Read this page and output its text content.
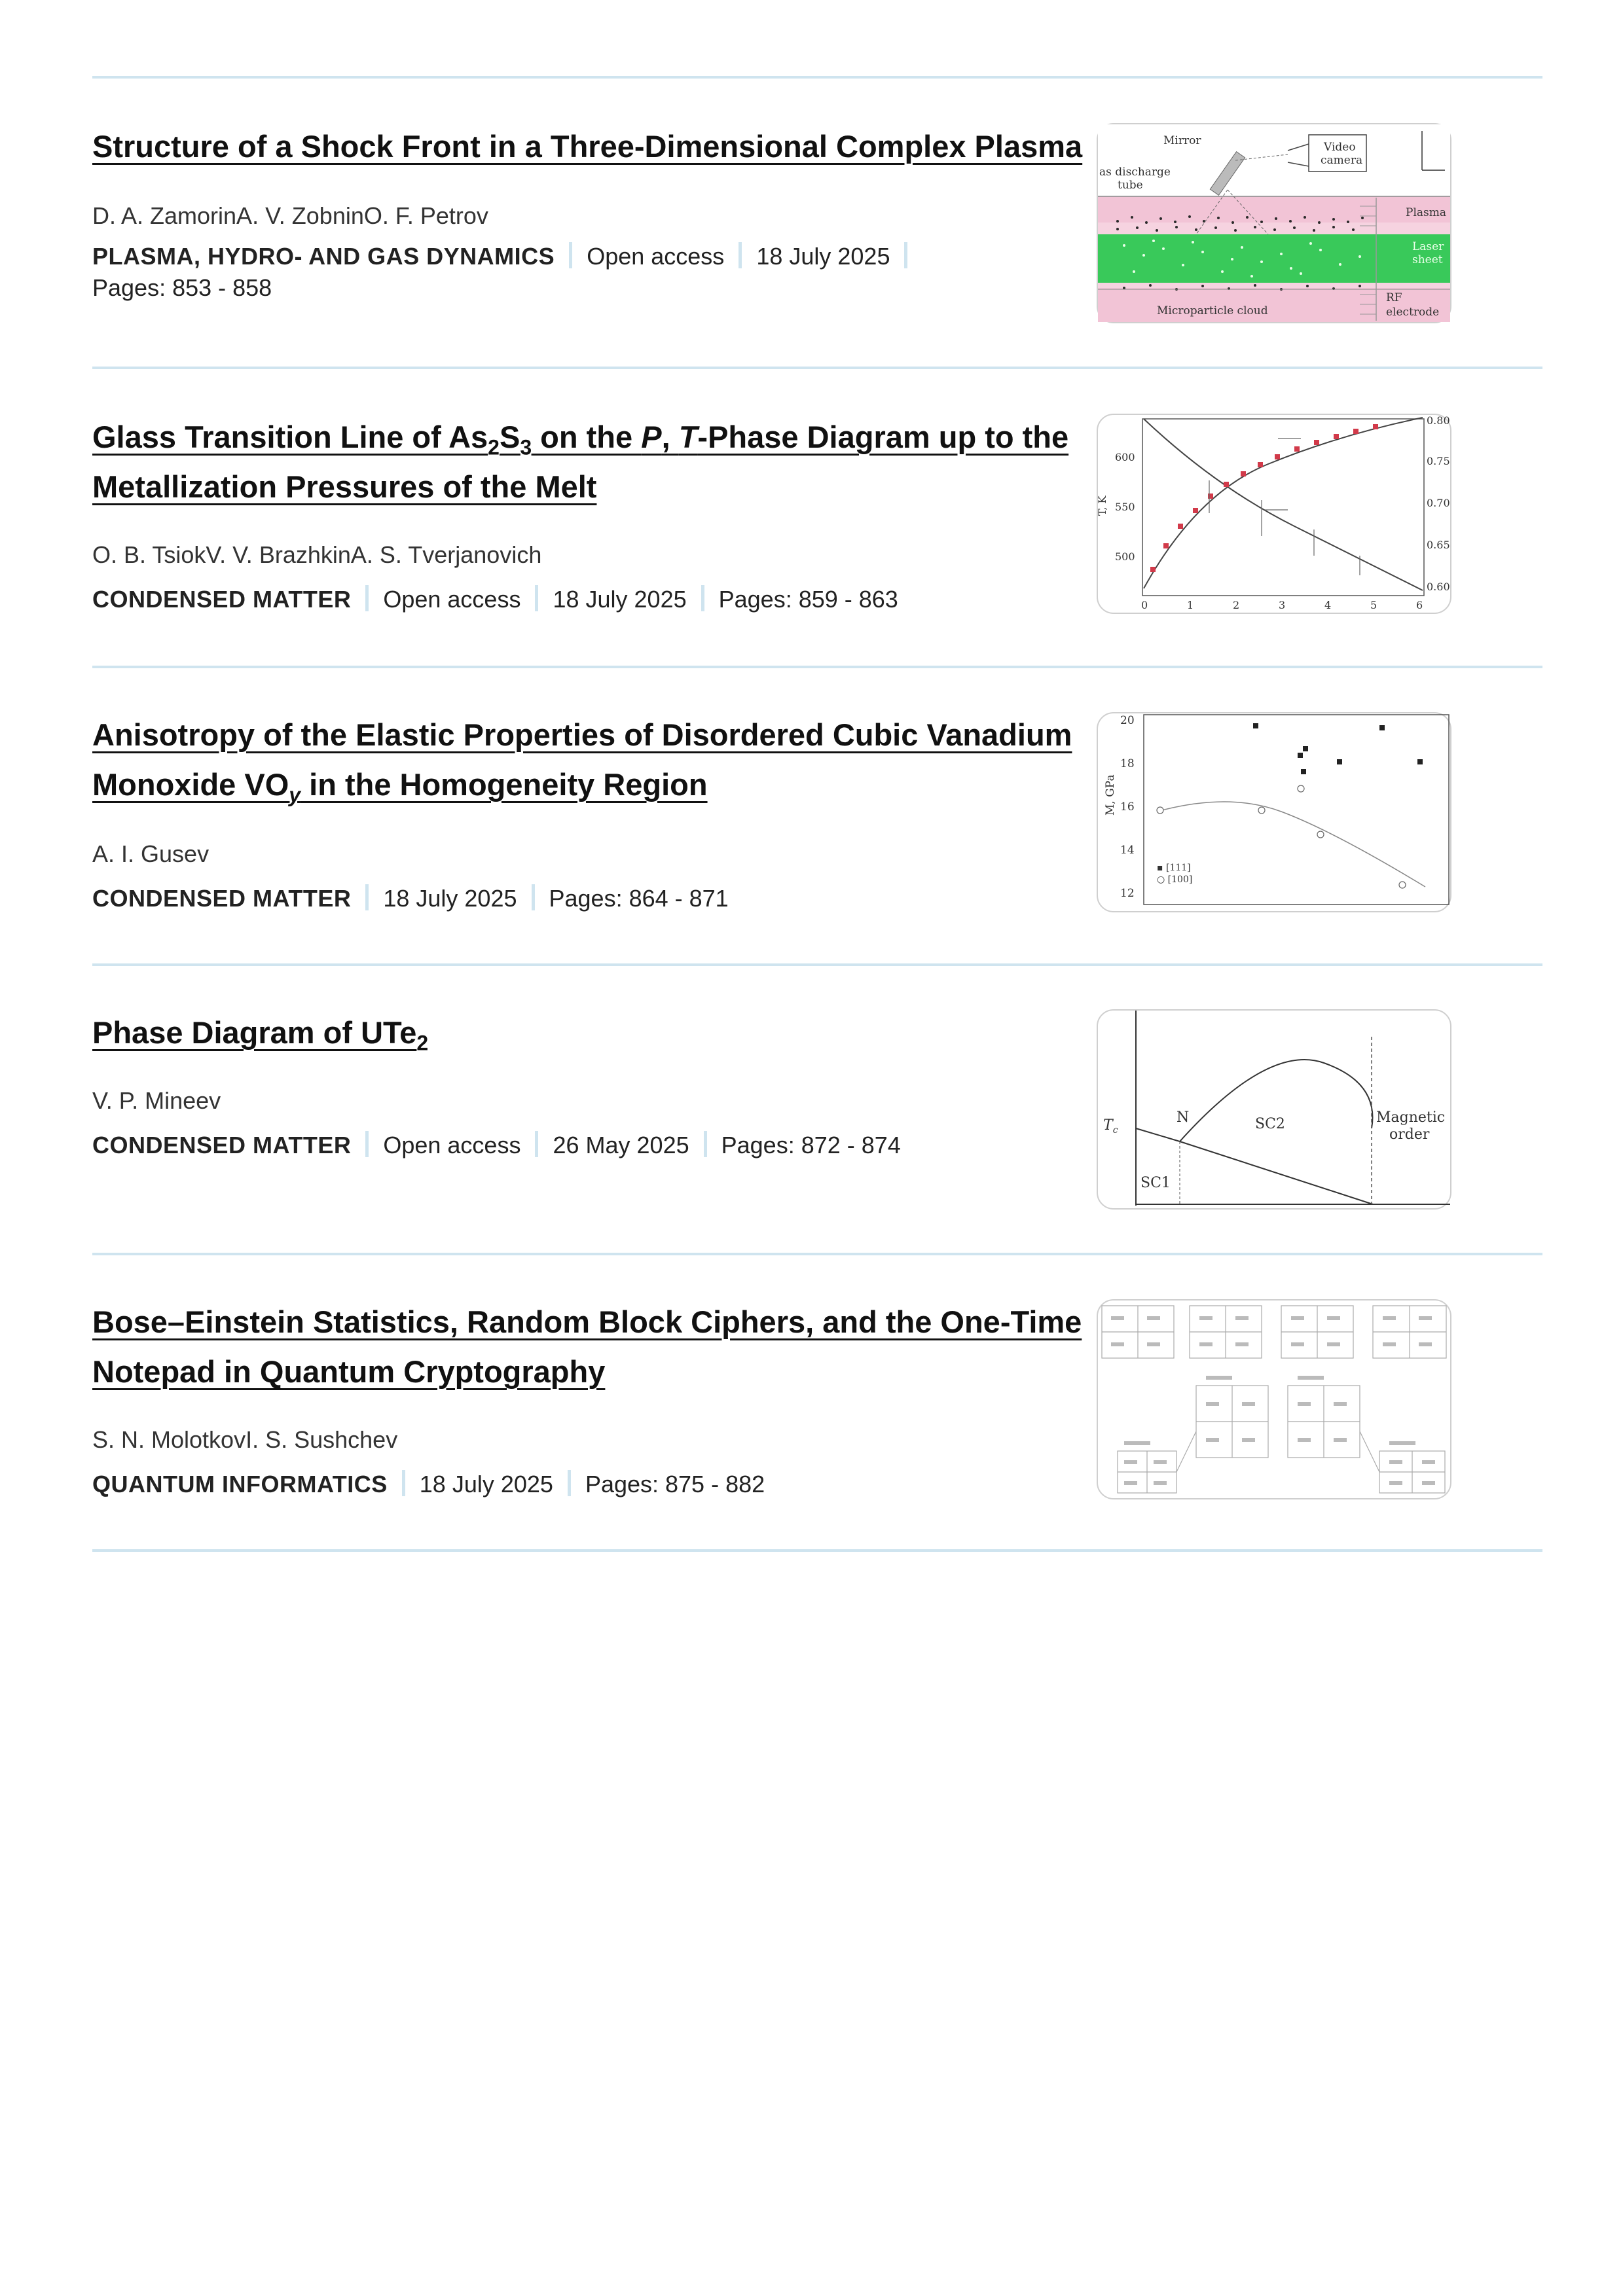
Structure of a Shock Front in a Three-Dimensional Complex Plasma
D. A. ZamorinA. V. ZobninO. F. Petrov
PLASMA, HYDRO- AND GAS DYNAMICS Open access 18 July 2025
Pages: 853 - 858
Mirror	Video
camera
as discharge
tube
Plasma
Laser
sheet
RF
electrode
Microparticle cloud
Glass Transition Line of $As_2S_3$ on the P, T-Phase Diagram up to the Metallization Pressures of the Melt
O. B. TsiokV. V. BrazhkinA. S. Tverjanovich
CONDENSED MATTER Open access 18 July 2025 Pages: 859 - 863
600
550
500
T, K
0.80
0.75
0.70
0.65
0.60
0	1	2	3	4	5	6
Anisotropy of the Elastic Properties of Disordered Cubic Vanadium Monoxide $VO_y$ in the Homogeneity Region
A. I. Gusev
CONDENSED MATTER 18 July 2025 Pages: 864 - 871
20
18
16
14
12
M, GPa
▪ [111]
○ [100]
Phase Diagram of UTe$_2$
V. P. Mineev
CONDENSED MATTER Open access 26 May 2025 Pages: 872 - 874
N
SC1
SC2
$T_c$
Magnetic
order
Bose–Einstein Statistics, Random Block Ciphers, and the One-Time Notepad in Quantum Cryptography
S. N. MolotkovI. S. Sushchev
QUANTUM INFORMATICS 18 July 2025 Pages: 875 - 882
